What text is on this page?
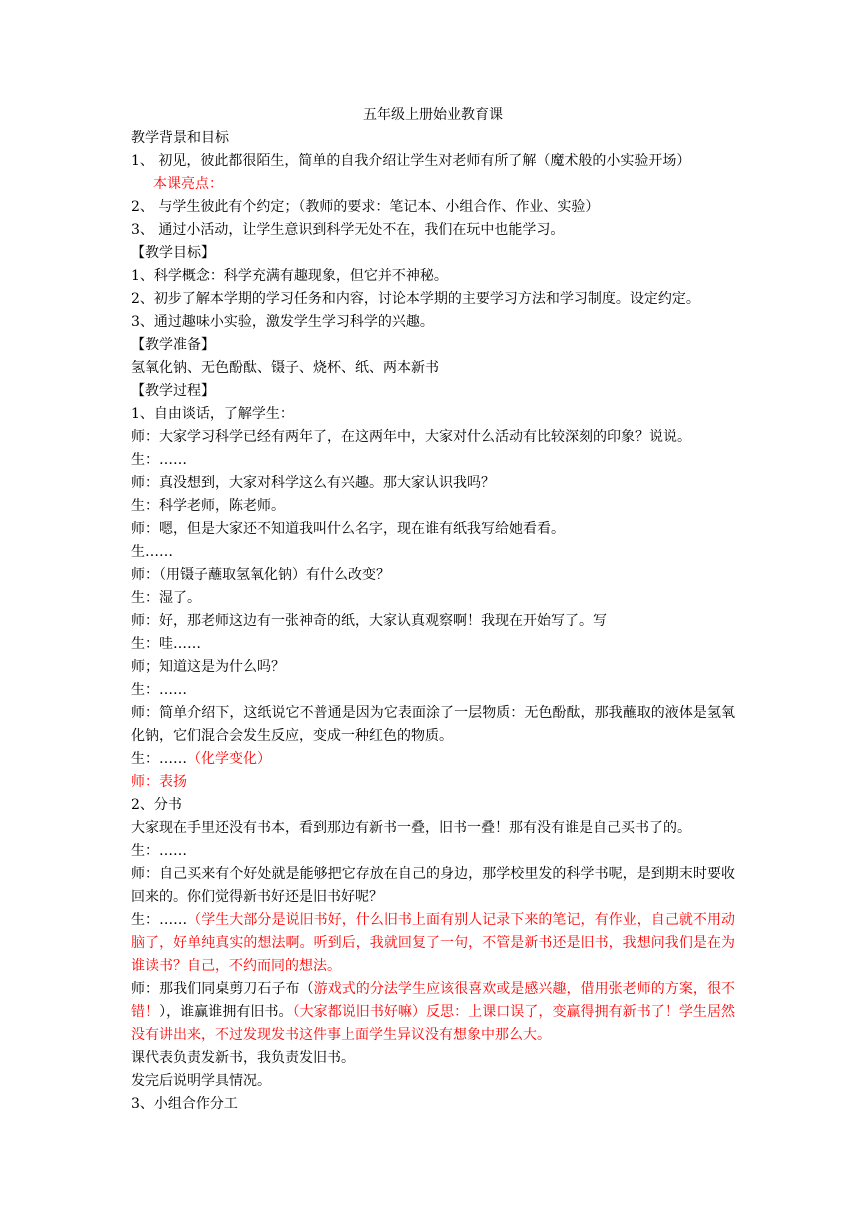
五年级上册始业教育课

教学背景和目标

1、 初见，彼此都很陌生，简单的自我介绍让学生对老师有所了解（魔术般的小实验开场）

本课亮点：

2、 与学生彼此有个约定；（教师的要求：笔记本、小组合作、作业、实验）

3、 通过小活动，让学生意识到科学无处不在，我们在玩中也能学习。

【教学目标】

1、科学概念：科学充满有趣现象，但它并不神秘。

2、初步了解本学期的学习任务和内容，讨论本学期的主要学习方法和学习制度。设定约定。

3、通过趣味小实验，激发学生学习科学的兴趣。

【教学准备】

氢氧化钠、无色酚酞、镊子、烧杯、纸、两本新书

【教学过程】

1、自由谈话，了解学生：

师：大家学习科学已经有两年了，在这两年中，大家对什么活动有比较深刻的印象？说说。

生：……

师：真没想到，大家对科学这么有兴趣。那大家认识我吗？

生：科学老师，陈老师。

师：嗯，但是大家还不知道我叫什么名字，现在谁有纸我写给她看看。

生……

师：（用镊子蘸取氢氧化钠）有什么改变？

生：湿了。

师：好，那老师这边有一张神奇的纸，大家认真观察啊！我现在开始写了。写

生：哇……

师；知道这是为什么吗？

生：……

师：简单介绍下，这纸说它不普通是因为它表面涂了一层物质：无色酚酞，那我蘸取的液体是氢氧化钠，它们混合会发生反应，变成一种红色的物质。

生：……（化学变化）

师：表扬

2、分书

大家现在手里还没有书本，看到那边有新书一叠，旧书一叠！那有没有谁是自己买书了的。

生：……

师：自己买来有个好处就是能够把它存放在自己的身边，那学校里发的科学书呢，是到期末时要收回来的。你们觉得新书好还是旧书好呢？

生：……（学生大部分是说旧书好，什么旧书上面有别人记录下来的笔记，有作业，自己就不用动脑了，好单纯真实的想法啊。听到后，我就回复了一句，不管是新书还是旧书，我想问我们是在为谁读书？自己，不约而同的想法。

师：那我们同桌剪刀石子布（游戏式的分法学生应该很喜欢或是感兴趣，借用张老师的方案，很不错！），谁赢谁拥有旧书。（大家都说旧书好嘛）反思：上课口误了，变赢得拥有新书了！学生居然没有讲出来，不过发现发书这件事上面学生异议没有想象中那么大。

课代表负责发新书，我负责发旧书。

发完后说明学具情况。

3、小组合作分工
